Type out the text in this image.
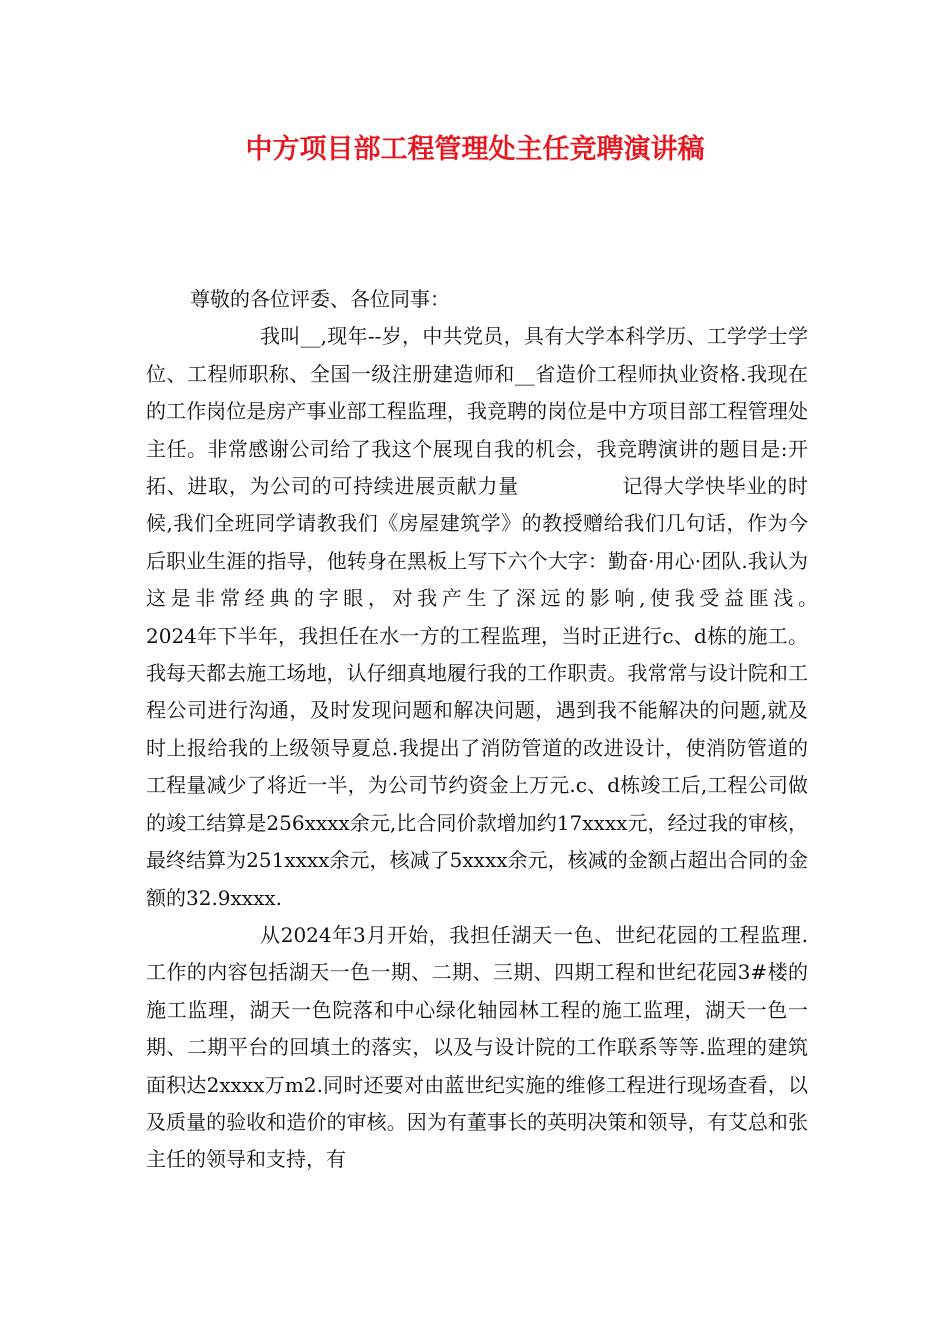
中方项目部工程管理处主任竞聘演讲稿

尊敬的各位评委、各位同事：

我叫__,现年--岁，中共党员，具有大学本科学历、工学学士学位、工程师职称、全国一级注册建造师和__省造价工程师执业资格.我现在的工作岗位是房产事业部工程监理，我竞聘的岗位是中方项目部工程管理处主任。非常感谢公司给了我这个展现自我的机会，我竞聘演讲的题目是:开拓、进取，为公司的可持续进展贡献力量　　　　　记得大学快毕业的时候,我们全班同学请教我们《房屋建筑学》的教授赠给我们几句话，作为今后职业生涯的指导，他转身在黑板上写下六个大字：勤奋·用心·团队.我认为这是非常经典的字眼，对我产生了深远的影响,使我受益匪浅。　　　　　2024年下半年，我担任在水一方的工程监理，当时正进行c、d栋的施工。我每天都去施工场地，认仔细真地履行我的工作职责。我常常与设计院和工程公司进行沟通，及时发现问题和解决问题，遇到我不能解决的问题,就及时上报给我的上级领导夏总.我提出了消防管道的改进设计，使消防管道的工程量减少了将近一半，为公司节约资金上万元.c、d栋竣工后,工程公司做的竣工结算是256xxxx余元,比合同价款增加约17xxxx元，经过我的审核，最终结算为251xxxx余元，核减了5xxxx余元，核减的金额占超出合同的金额的32.9xxxx.

从2024年3月开始，我担任湖天一色、世纪花园的工程监理.工作的内容包括湖天一色一期、二期、三期、四期工程和世纪花园3#楼的施工监理，湖天一色院落和中心绿化轴园林工程的施工监理，湖天一色一期、二期平台的回填土的落实，以及与设计院的工作联系等等.监理的建筑面积达2xxxx万m2.同时还要对由蓝世纪实施的维修工程进行现场查看，以及质量的验收和造价的审核。因为有董事长的英明决策和领导，有艾总和张主任的领导和支持，有
